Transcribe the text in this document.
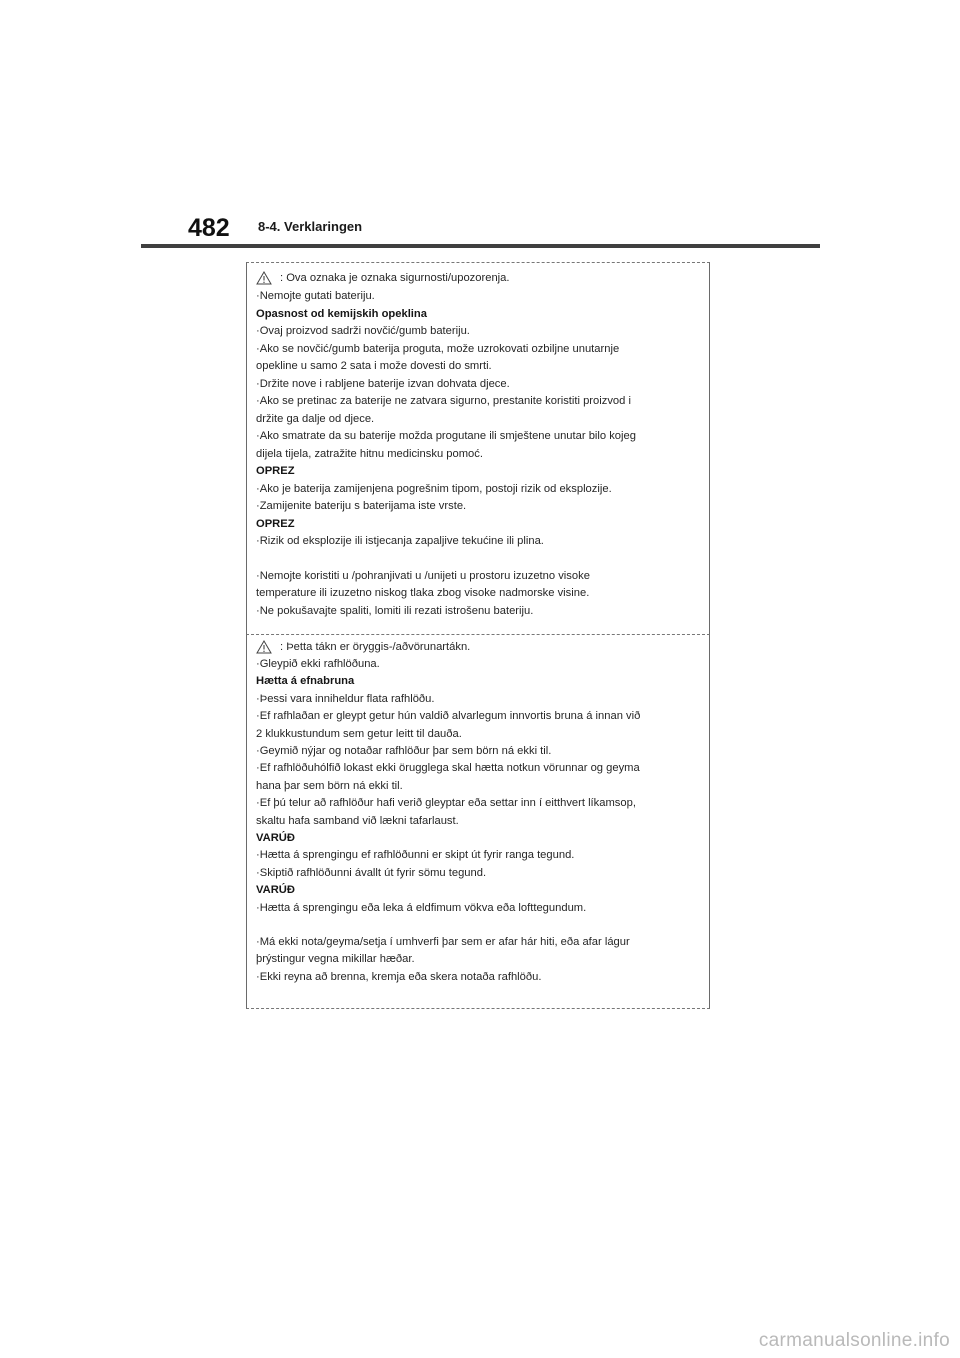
482 8-4. Verklaringen
: Ova oznaka je oznaka sigurnosti/upozorenja.
·Nemojte gutati bateriju.
Opasnost od kemijskih opeklina
·Ovaj proizvod sadrži novčić/gumb bateriju.
·Ako se novčić/gumb baterija proguta, može uzrokovati ozbiljne unutarnje
opekline u samo 2 sata i može dovesti do smrti.
·Držite nove i rabljene baterije izvan dohvata djece.
·Ako se pretinac za baterije ne zatvara sigurno, prestanite koristiti proizvod i
držite ga dalje od djece.
·Ako smatrate da su baterije možda progutane ili smještene unutar bilo kojeg
dijela tijela, zatražite hitnu medicinsku pomoć.
OPREZ
·Ako je baterija zamijenjena pogrešnim tipom, postoji rizik od eksplozije.
·Zamijenite bateriju s baterijama iste vrste.
OPREZ
·Rizik od eksplozije ili istjecanja zapaljive tekućine ili plina.
·Nemojte koristiti u /pohranjivati u /unijeti u prostoru izuzetno visoke
temperature ili izuzetno niskog tlaka zbog visoke nadmorske visine.
·Ne pokušavajte spaliti, lomiti ili rezati istrošenu bateriju.
: Þetta tákn er öryggis-/aðvörunartákn.
·Gleypið ekki rafhlöðuna.
Hætta á efnabruna
·Þessi vara inniheldur flata rafhlöðu.
·Ef rafhlaðan er gleypt getur hún valdið alvarlegum innvortis bruna á innan við
2 klukkustundum sem getur leitt til dauða.
·Geymið nýjar og notaðar rafhlöður þar sem börn ná ekki til.
·Ef rafhlöðuhólfið lokast ekki örugglega skal hætta notkun vörunnar og geyma
hana þar sem börn ná ekki til.
·Ef þú telur að rafhlöður hafi verið gleyptar eða settar inn í eitthvert líkamsop,
skaltu hafa samband við lækni tafarlaust.
VARÚÐ
·Hætta á sprengingu ef rafhlöðunni er skipt út fyrir ranga tegund.
·Skiptið rafhlöðunni ávallt út fyrir sömu tegund.
VARÚÐ
·Hætta á sprengingu eða leka á eldfimum vökva eða lofttegundum.
·Má ekki nota/geyma/setja í umhverfi þar sem er afar hár hiti, eða afar lágur
þrýstingur vegna mikillar hæðar.
·Ekki reyna að brenna, kremja eða skera notaða rafhlöðu.
carmanualsonline.info
